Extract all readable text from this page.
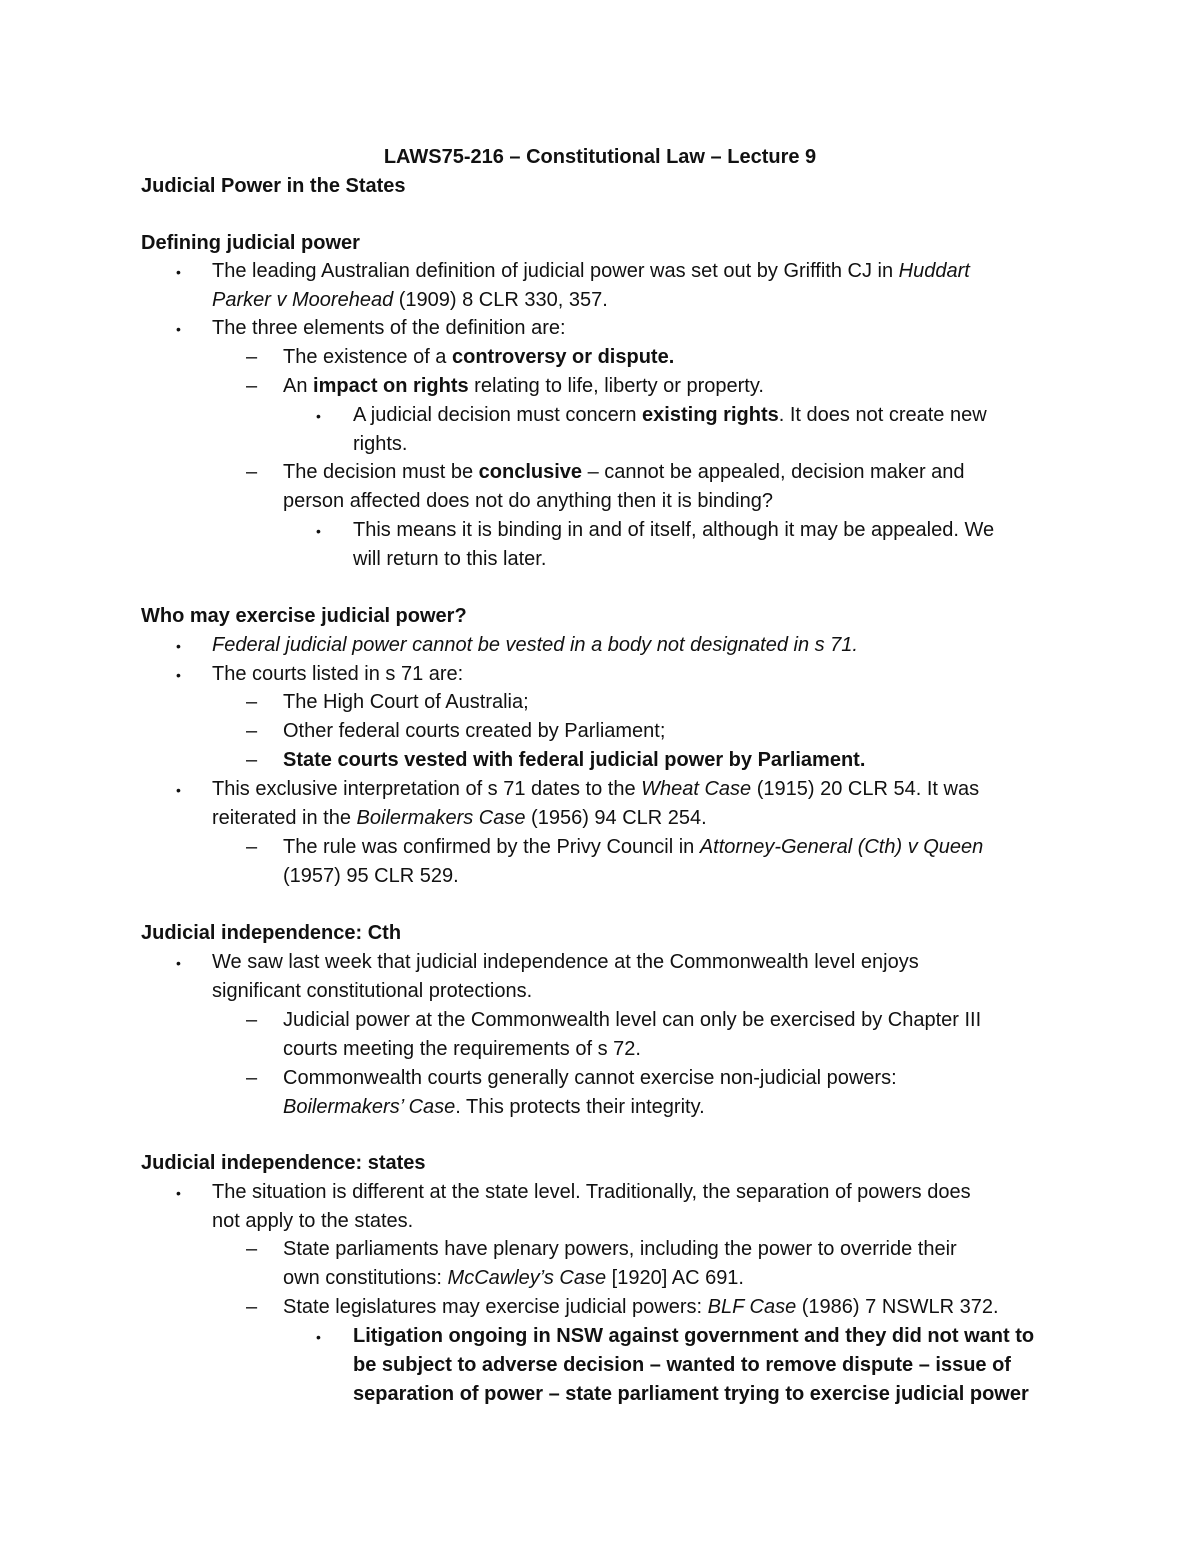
LAWS75-216 – Constitutional Law – Lecture 9
Judicial Power in the States
Defining judicial power
• The leading Australian definition of judicial power was set out by Griffith CJ in Huddart
Parker v Moorehead (1909) 8 CLR 330, 357.
• The three elements of the definition are:
– The existence of a controversy or dispute.
– An impact on rights relating to life, liberty or property.
• A judicial decision must concern existing rights. It does not create new
rights.
– The decision must be conclusive – cannot be appealed, decision maker and
person affected does not do anything then it is binding?
• This means it is binding in and of itself, although it may be appealed. We
will return to this later.
Who may exercise judicial power?
• Federal judicial power cannot be vested in a body not designated in s 71.
• The courts listed in s 71 are:
– The High Court of Australia;
– Other federal courts created by Parliament;
– State courts vested with federal judicial power by Parliament.
• This exclusive interpretation of s 71 dates to the Wheat Case (1915) 20 CLR 54. It was
reiterated in the Boilermakers Case (1956) 94 CLR 254.
– The rule was confirmed by the Privy Council in Attorney-General (Cth) v Queen
(1957) 95 CLR 529.
Judicial independence: Cth
• We saw last week that judicial independence at the Commonwealth level enjoys
significant constitutional protections.
– Judicial power at the Commonwealth level can only be exercised by Chapter III
courts meeting the requirements of s 72.
– Commonwealth courts generally cannot exercise non-judicial powers:
Boilermakers’ Case. This protects their integrity.
Judicial independence: states
• The situation is different at the state level. Traditionally, the separation of powers does
not apply to the states.
– State parliaments have plenary powers, including the power to override their
own constitutions: McCawley’s Case [1920] AC 691.
– State legislatures may exercise judicial powers: BLF Case (1986) 7 NSWLR 372.
• Litigation ongoing in NSW against government and they did not want to
be subject to adverse decision – wanted to remove dispute – issue of
separation of power – state parliament trying to exercise judicial power
